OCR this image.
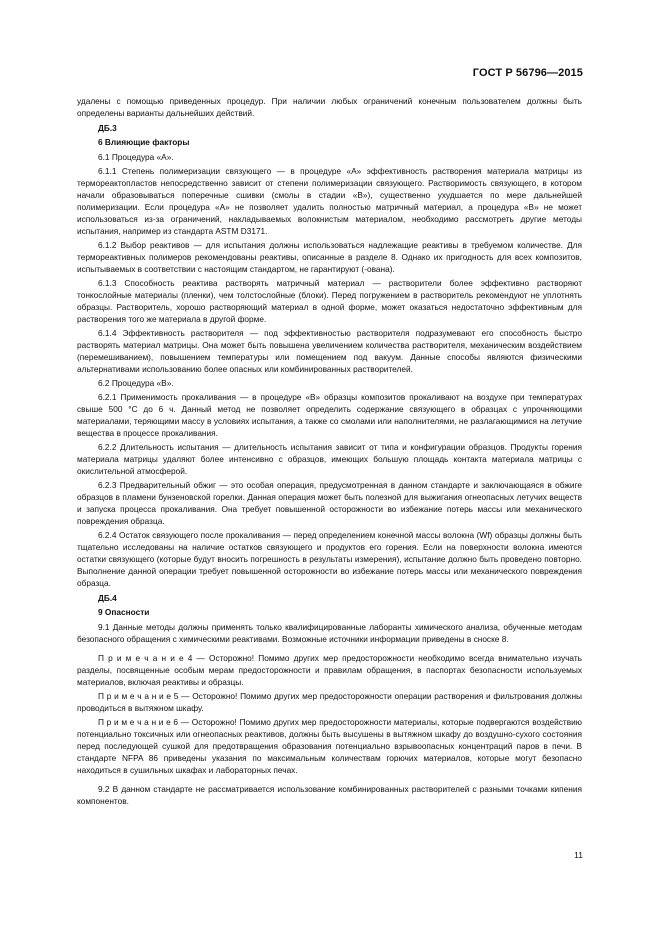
ГОСТ Р 56796—2015

удалены с помощью приведенных процедур. При наличии любых ограничений конечным пользователем должны быть определены варианты дальнейших действий.

ДБ.3

6 Влияющие факторы

6.1 Процедура «А».

6.1.1 Степень полимеризации связующего — в процедуре «А» эффективность растворения материала матрицы из термореактопластов непосредственно зависит от степени полимеризации связующего. Растворимость связующего, в котором начали образовываться поперечные сшивки (смолы в стадии «B»), существенно ухудшается по мере дальнейшей полимеризации. Если процедура «А» не позволяет удалить полностью матричный материал, а процедура «В» не может использоваться из-за ограничений, накладываемых волокнистым материалом, необходимо рассмотреть другие методы испытания, например из стандарта ASTM D3171.

6.1.2 Выбор реактивов — для испытания должны использоваться надлежащие реактивы в требуемом количестве. Для термореактивных полимеров рекомендованы реактивы, описанные в разделе 8. Однако их пригодность для всех композитов, испытываемых в соответствии с настоящим стандартом, не гарантируют (-ована).

6.1.3 Способность реактива растворять матричный материал — растворители более эффективно растворяют тонкослойные материалы (пленки), чем толстослойные (блоки). Перед погружением в растворитель рекомендуют не уплотнять образцы. Растворитель, хорошо растворяющий материал в одной форме, может оказаться недостаточно эффективным для растворения того же материала в другой форме.

6.1.4 Эффективность растворителя — под эффективностью растворителя подразумевают его способность быстро растворять материал матрицы. Она может быть повышена увеличением количества растворителя, механическим воздействием (перемешиванием), повышением температуры или помещением под вакуум. Данные способы являются физическими альтернативами использованию более опасных или комбинированных растворителей.

6.2 Процедура «В».

6.2.1 Применимость прокаливания — в процедуре «В» образцы композитов прокаливают на воздухе при температурах свыше 500 °С до 6 ч. Данный метод не позволяет определить содержание связующего в образцах с упрочняющими материалами, теряющими массу в условиях испытания, а также со смолами или наполнителями, не разлагающимися на летучие вещества в процессе прокаливания.

6.2.2 Длительность испытания — длительность испытания зависит от типа и конфигурации образцов. Продукты горения материала матрицы удаляют более интенсивно с образцов, имеющих большую площадь контакта материала матрицы с окислительной атмосферой.

6.2.3 Предварительный обжиг — это особая операция, предусмотренная в данном стандарте и заключающаяся в обжиге образцов в пламени бунзеновской горелки. Данная операция может быть полезной для выжигания огнеопасных летучих веществ и запуска процесса прокаливания. Она требует повышенной осторожности во избежание потерь массы или механического повреждения образца.

6.2.4 Остаток связующего после прокаливания — перед определением конечной массы волокна (Wf) образцы должны быть тщательно исследованы на наличие остатков связующего и продуктов его горения. Если на поверхности волокна имеются остатки связующего (которые будут вносить погрешность в результаты измерения), испытание должно быть проведено повторно. Выполнение данной операции требует повышенной осторожности во избежание потерь массы или механического повреждения образца.

ДБ.4

9 Опасности

9.1 Данные методы должны применять только квалифицированные лаборанты химического анализа, обученные методам безопасного обращения с химическими реактивами. Возможные источники информации приведены в сноске 8.

П р и м е ч а н и е 4 — Осторожно! Помимо других мер предосторожности необходимо всегда внимательно изучать разделы, посвященные особым мерам предосторожности и правилам обращения, в паспортах безопасности используемых материалов, включая реактивы и образцы.

П р и м е ч а н и е 5 — Осторожно! Помимо других мер предосторожности операции растворения и фильтрования должны проводиться в вытяжном шкафу.

П р и м е ч а н и е 6 — Осторожно! Помимо других мер предосторожности материалы, которые подвергаются воздействию потенциально токсичных или огнеопасных реактивов, должны быть высушены в вытяжном шкафу до воздушно-сухого состояния перед последующей сушкой для предотвращения образования потенциально взрывоопасных концентраций паров в печи. В стандарте NFPA 86 приведены указания по максимальным количествам горючих материалов, которые могут безопасно находиться в сушильных шкафах и лабораторных печах.

9.2 В данном стандарте не рассматривается использование комбинированных растворителей с разными точками кипения компонентов.

11
